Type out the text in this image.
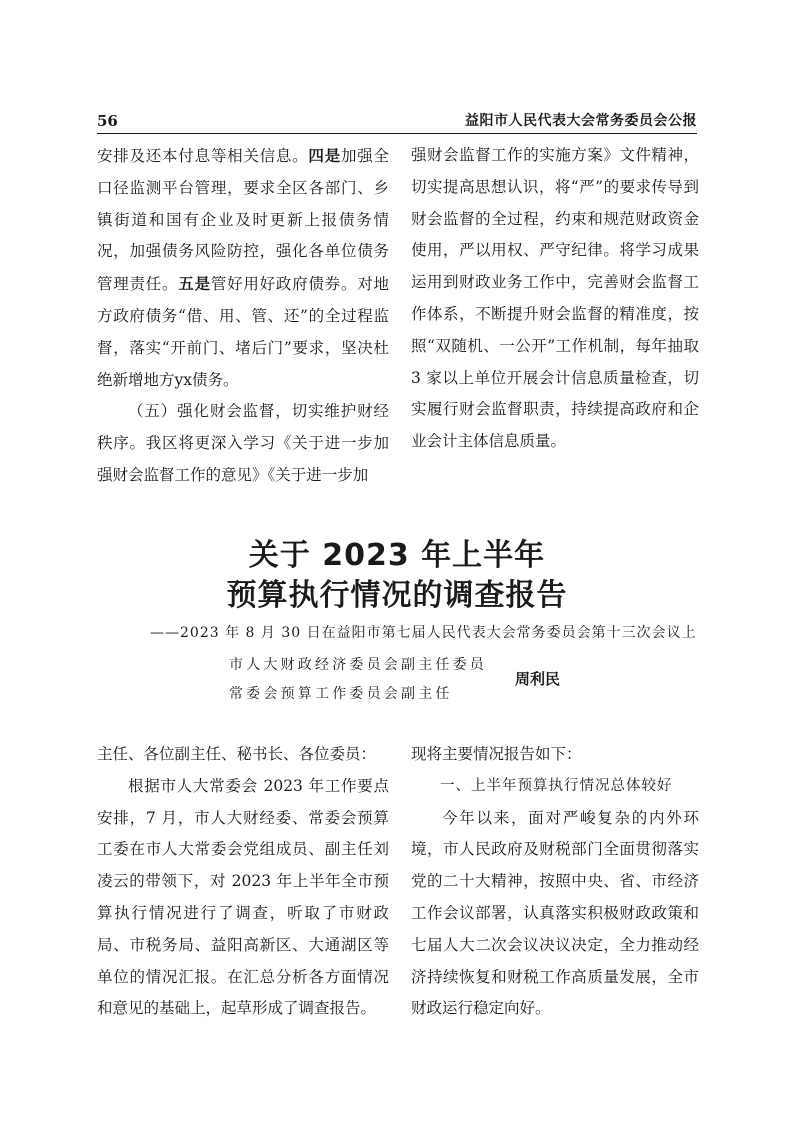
56	益阳市人民代表大会常务委员会公报

安排及还本付息等相关信息。四是加强全口径监测平台管理，要求全区各部门、乡镇街道和国有企业及时更新上报债务情况，加强债务风险防控，强化各单位债务管理责任。五是管好用好政府债券。对地方政府债务“借、用、管、还”的全过程监督，落实“开前门、堵后门”要求，坚决杜绝新增地方yx债务。

（五）强化财会监督，切实维护财经秩序。我区将更深入学习《关于进一步加强财会监督工作的意见》《关于进一步加

强财会监督工作的实施方案》文件精神，切实提高思想认识，将“严”的要求传导到财会监督的全过程，约束和规范财政资金使用，严以用权、严守纪律。将学习成果运用到财政业务工作中，完善财会监督工作体系，不断提升财会监督的精准度，按照“双随机、一公开”工作机制，每年抽取 3 家以上单位开展会计信息质量检查，切实履行财会监督职责，持续提高政府和企业会计主体信息质量。

关于 2023 年上半年
预算执行情况的调查报告
——2023 年 8 月 30 日在益阳市第七届人民代表大会常务委员会第十三次会议上
市人大财政经济委员会副主任委员
常委会预算工作委员会副主任
周利民

主任、各位副主任、秘书长、各位委员：

根据市人大常委会 2023 年工作要点安排，7 月，市人大财经委、常委会预算工委在市人大常委会党组成员、副主任刘凌云的带领下，对 2023 年上半年全市预算执行情况进行了调查，听取了市财政局、市税务局、益阳高新区、大通湖区等单位的情况汇报。在汇总分析各方面情况和意见的基础上，起草形成了调查报告。

现将主要情况报告如下：

一、上半年预算执行情况总体较好

今年以来，面对严峻复杂的内外环境，市人民政府及财税部门全面贯彻落实党的二十大精神，按照中央、省、市经济工作会议部署，认真落实积极财政政策和七届人大二次会议决议决定，全力推动经济持续恢复和财税工作高质量发展，全市财政运行稳定向好。
